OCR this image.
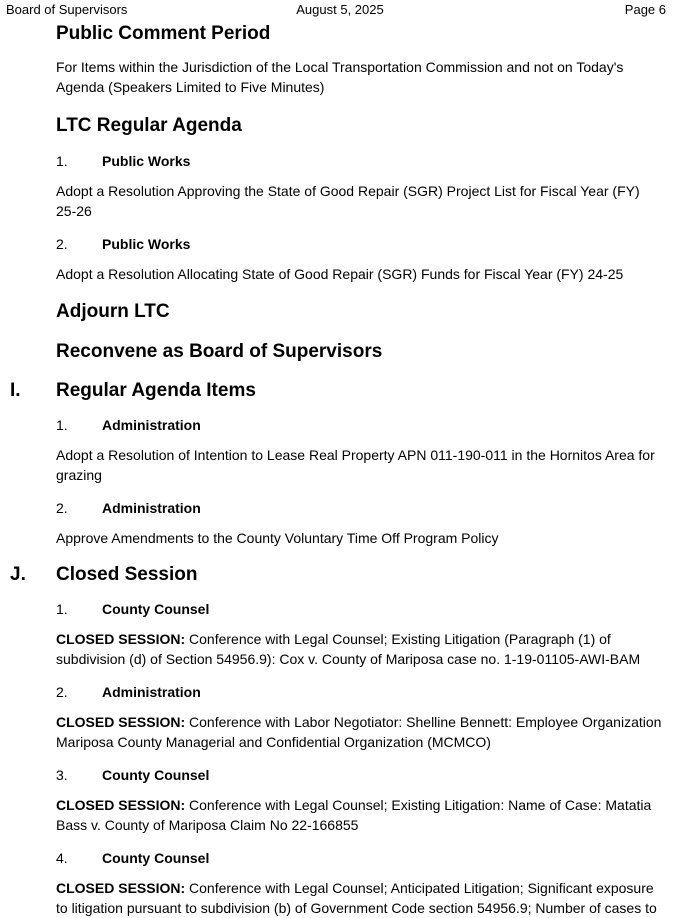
August 5, 2025
Board of Supervisors	Page 6
Public Comment Period
For Items within the Jurisdiction of the Local Transportation Commission and not on Today's Agenda (Speakers Limited to Five Minutes)
LTC Regular Agenda
1. Public Works
Adopt a Resolution Approving the State of Good Repair (SGR) Project List for Fiscal Year (FY) 25-26
2. Public Works
Adopt a Resolution Allocating State of Good Repair (SGR) Funds for Fiscal Year (FY) 24-25
Adjourn LTC
Reconvene as Board of Supervisors
I. Regular Agenda Items
1. Administration
Adopt a Resolution of Intention to Lease Real Property APN 011-190-011 in the Hornitos Area for grazing
2. Administration
Approve Amendments to the County Voluntary Time Off Program Policy
J. Closed Session
1. County Counsel
CLOSED SESSION: Conference with Legal Counsel; Existing Litigation (Paragraph (1) of subdivision (d) of Section 54956.9): Cox v. County of Mariposa case no. 1-19-01105-AWI-BAM
2. Administration
CLOSED SESSION: Conference with Labor Negotiator: Shelline Bennett: Employee Organization Mariposa County Managerial and Confidential Organization (MCMCO)
3. County Counsel
CLOSED SESSION: Conference with Legal Counsel; Existing Litigation: Name of Case: Matatia Bass v. County of Mariposa Claim No 22-166855
4. County Counsel
CLOSED SESSION: Conference with Legal Counsel; Anticipated Litigation; Significant exposure to litigation pursuant to subdivision (b) of Government Code section 54956.9; Number of cases to
